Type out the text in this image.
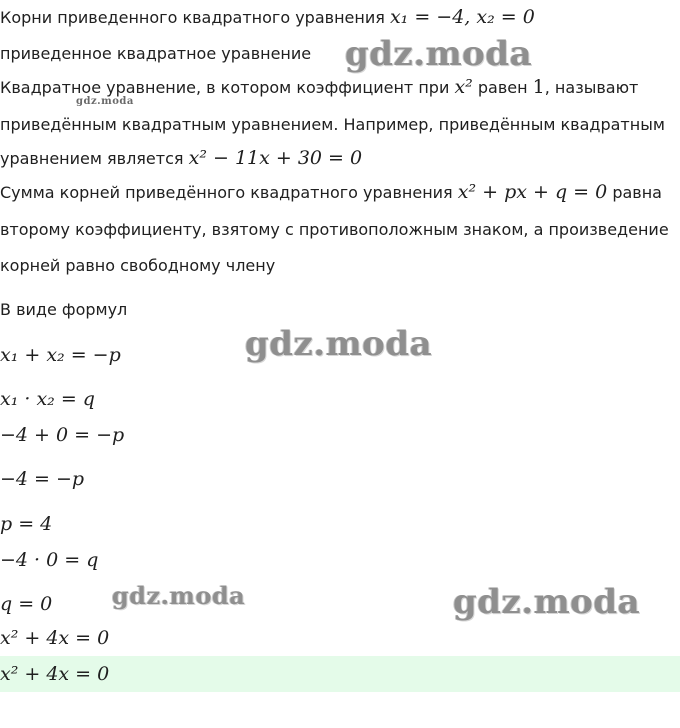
Корни приведенного квадратного уравнения x₁ = −4, x₂ = 0
приведенное квадратное уравнение
Квадратное уравнение, в котором коэффициент при x² равен 1, называют
приведённым квадратным уравнением. Например, приведённым квадратным
уравнением является x² − 11x + 30 = 0
Сумма корней приведённого квадратного уравнения x² + px + q = 0 равна
второму коэффициенту, взятому с противоположным знаком, а произведение
корней равно свободному члену
В виде формул
x₁ + x₂ = −p
x₁ · x₂ = q
−4 + 0 = −p
−4 = −p
p = 4
−4 · 0 = q
q = 0
x² + 4x = 0
x² + 4x = 0
gdz.moda
gdz.moda
gdz.moda
gdz.moda	gdz.moda
